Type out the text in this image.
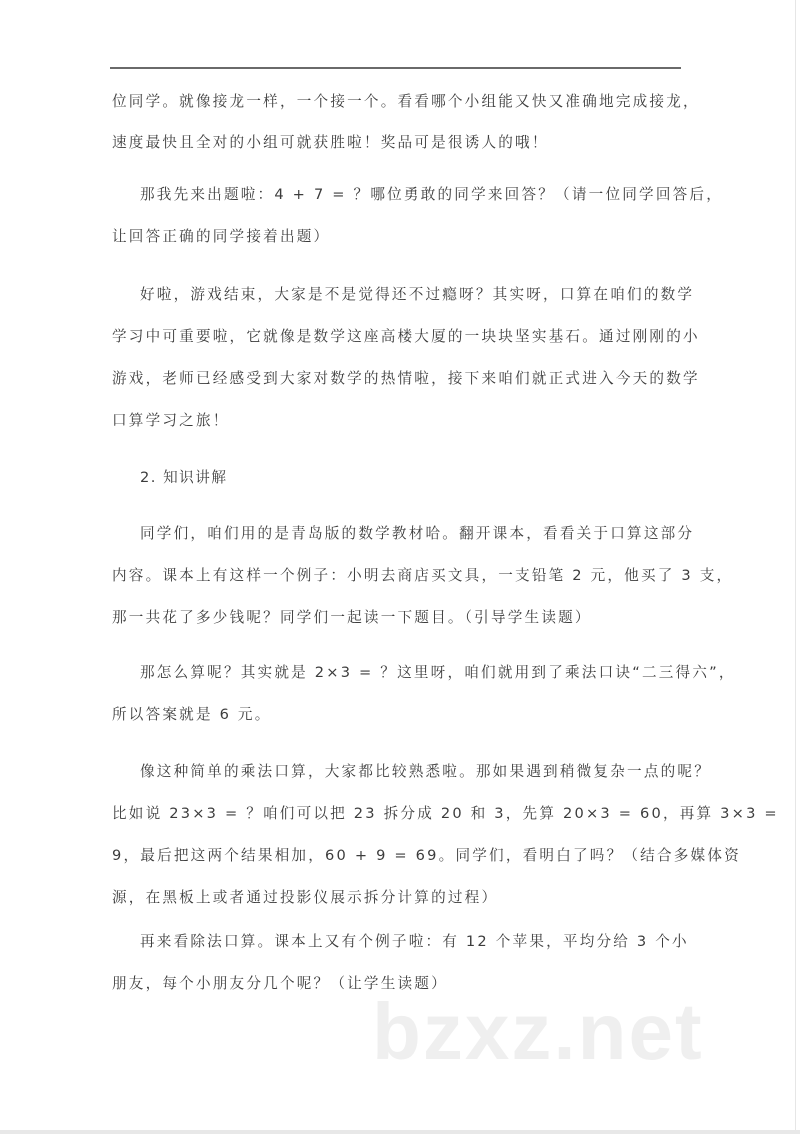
位同学。就像接龙一样，一个接一个。看看哪个小组能又快又准确地完成接龙，
速度最快且全对的小组可就获胜啦！奖品可是很诱人的哦！
那我先来出题啦：4 + 7 = ？哪位勇敢的同学来回答？（请一位同学回答后，
让回答正确的同学接着出题）
好啦，游戏结束，大家是不是觉得还不过瘾呀？其实呀，口算在咱们的数学
学习中可重要啦，它就像是数学这座高楼大厦的一块块坚实基石。通过刚刚的小
游戏，老师已经感受到大家对数学的热情啦，接下来咱们就正式进入今天的数学
口算学习之旅！
2. 知识讲解
同学们，咱们用的是青岛版的数学教材哈。翻开课本，看看关于口算这部分
内容。课本上有这样一个例子：小明去商店买文具，一支铅笔 2 元，他买了 3 支，
那一共花了多少钱呢？同学们一起读一下题目。（引导学生读题）
那怎么算呢？其实就是 2×3 = ？这里呀，咱们就用到了乘法口诀“二三得六”，
所以答案就是 6 元。
像这种简单的乘法口算，大家都比较熟悉啦。那如果遇到稍微复杂一点的呢？
比如说 23×3 = ？咱们可以把 23 拆分成 20 和 3，先算 20×3 = 60，再算 3×3 =
9，最后把这两个结果相加，60 + 9 = 69。同学们，看明白了吗？（结合多媒体资
源，在黑板上或者通过投影仪展示拆分计算的过程）
再来看除法口算。课本上又有个例子啦：有 12 个苹果，平均分给 3 个小
朋友，每个小朋友分几个呢？（让学生读题）
bzxz.net
